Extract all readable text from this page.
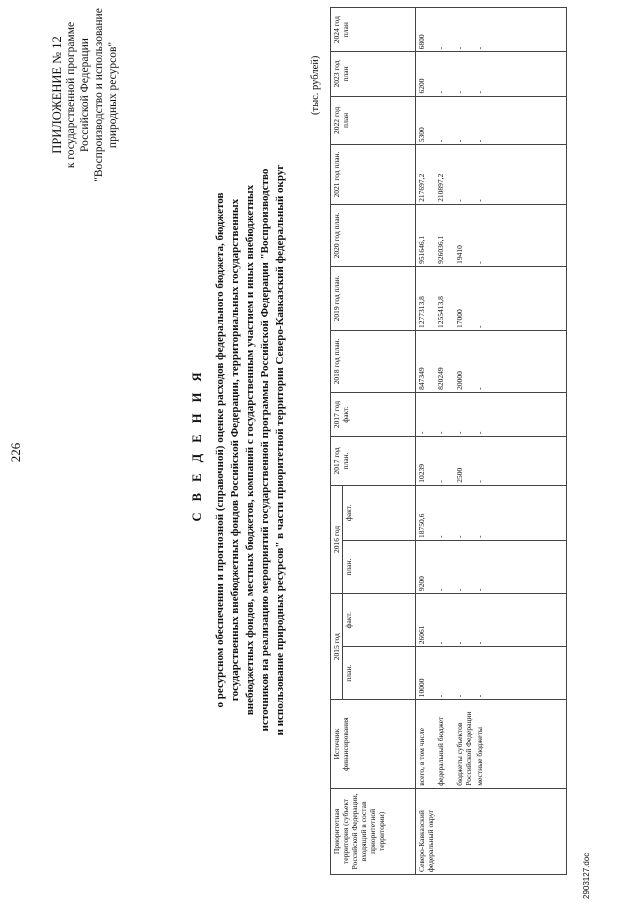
226
ПРИЛОЖЕНИЕ № 12 к государственной программе Российской Федерации "Воспроизводство и использование природных ресурсов"
С В Е Д Е Н И Я о ресурсном обеспечении и прогнозной (справочной) оценке расходов федерального бюджета, бюджетов государственных внебюджетных фондов Российской Федерации, территориальных государственных внебюджетных фондов, местных бюджетов, компаний с государственным участием и иных внебюджетных источников на реализацию мероприятий государственной программы Российской Федерации "Воспроизводство и использование природных ресурсов" в части приоритетной территории Северо-Кавказский федеральный округ
(тыс. рублей)
Приоритетная территория (субъект Российской Федерации, входящий в состав приоритетной территории)	Источник финансирования	2015 год		2016 год		2017 год план.	2017 год факт.	2018 год план.	2019 год план.	2020 год план.	2021 год план.	2022 год план	2023 год план	2024 год план
		план.	факт.	план.	факт.									

Северо-Кавказский федеральный округ	всего, в том числе	10000	26061	9200	18750,6	10239	-	847349	1277313,8	951646,1	217697,2	5300	6200	6800
	федеральный бюджет	-	-	-	-	-	-	820249	1255413,8	926036,1	210897,2	-	-	-
	бюджеты субъектов Российской Федерации	-	-	-	-	2500	-	20000	17000	19410	-	-	-	-
	местные бюджеты	-	-	-	-	-	-	-	-	-	-	-	-	-
2903127.doc
